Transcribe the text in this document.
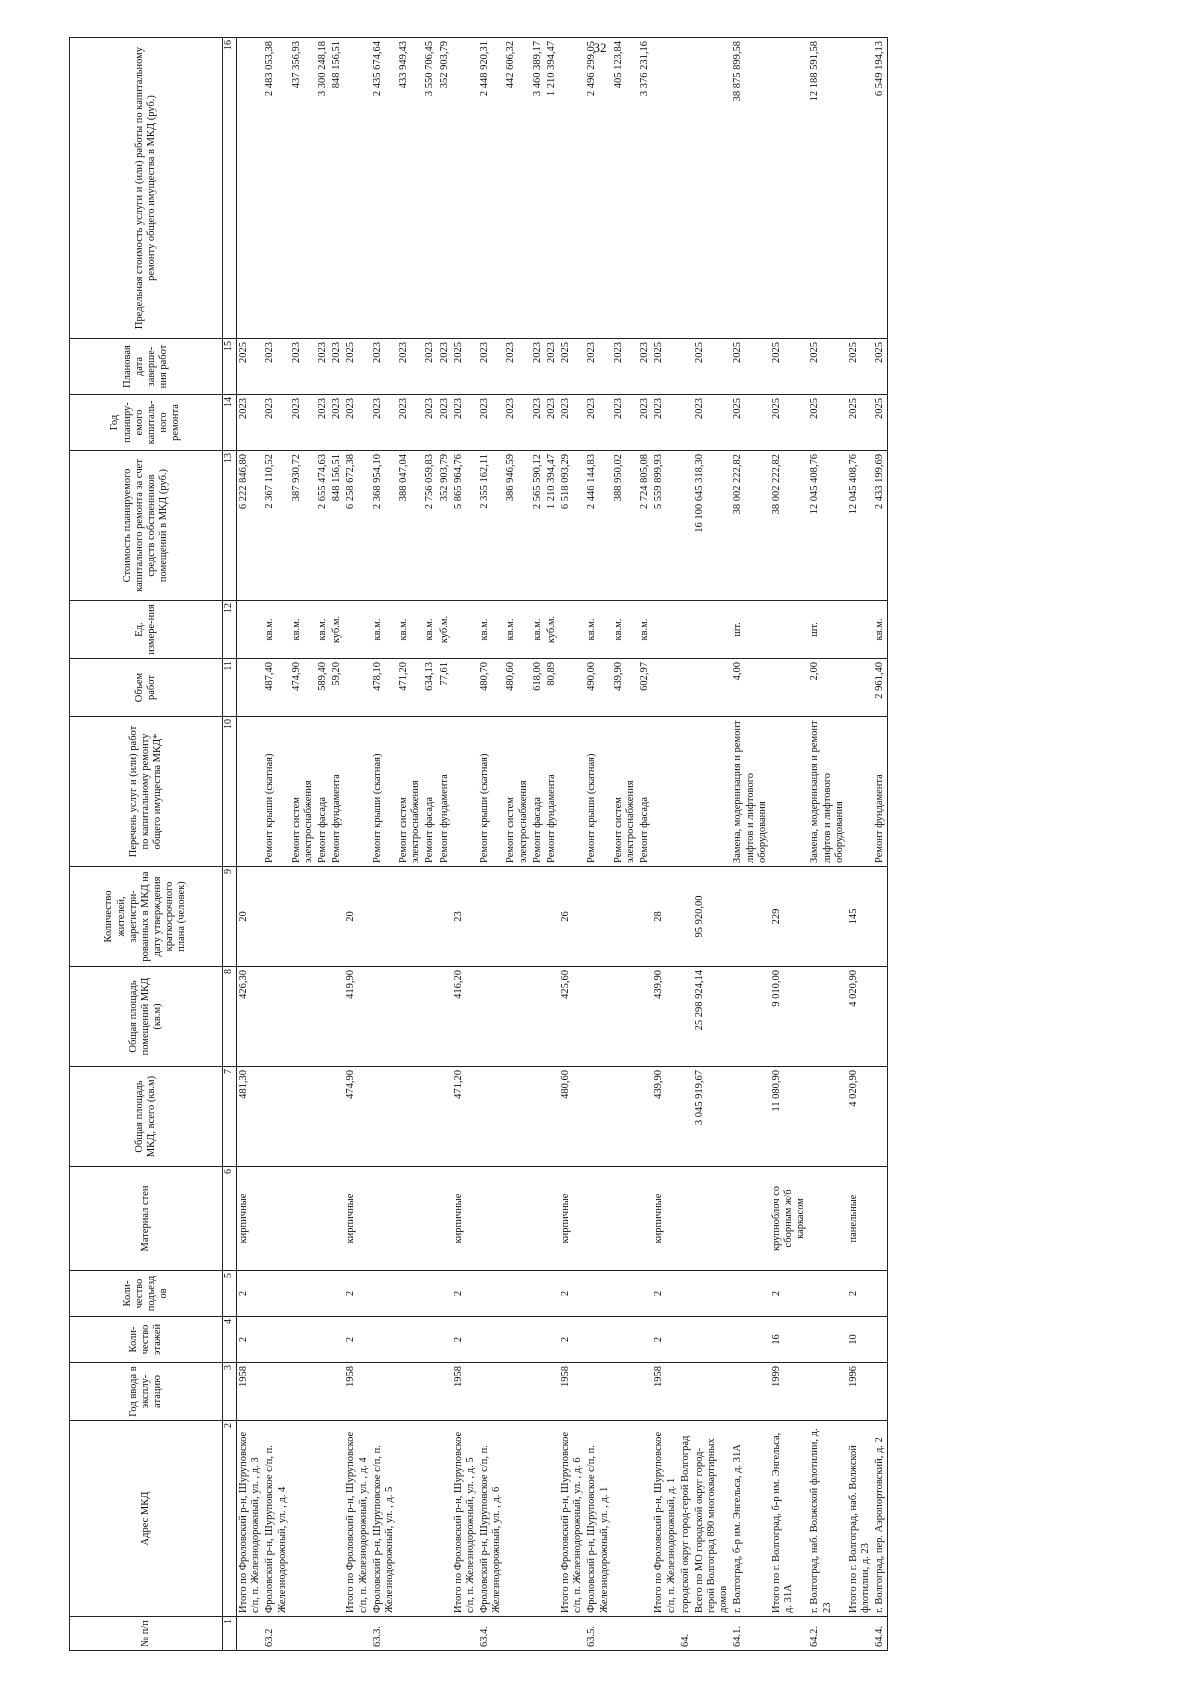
32
№ п/п	Адрес МКД	Год ввода в эксплу-атацию	Коли-чество этажей	Коли-чество подъездов	Материал стен	Общая площадь МКД, всего (кв.м)	Общая площадь помещений МКД (кв.м)	Количество жителей, зарегистри-рованных в МКД на дату утверждения краткосрочного плана (человек)	Перечень услуг и (или) работ по капитальному ремонту общего имущества МКД*	Объем работ	Ед. измере-ния	Стоимость планируемого капитального ремонта за счет средств собственников помещений в МКД (руб.)	Год планиру-емого капиталь-ного ремонта	Плановая дата заверше-ния работ	Предельная стоимость услуги и (или) работы по капитальному ремонту общего имущества в МКД (руб.)
1	2	3	4	5	6	7	8	9	10	11	12	13	14	15	16
	Итого по Фроловский р-н, Шуруповское с/п, п. Железнодорожный, ул. , д. 3	1958	2	2	кирпичные	481,30	426,30	20				6 222 846,80	2023	2025	
63.2	Фроловский р-н, Шуруповское с/п, п. Железнодорожный, ул. , д. 4								Ремонт крыши (скатная)	487,40	кв.м.	2 367 110,52	2023	2023	2 483 053,38
									Ремонт систем электроснабжения	474,90	кв.м.	387 930,72	2023	2023	437 356,93
									Ремонт фасада	589,40	кв.м.	2 655 474,63	2023	2023	3 300 248,18
									Ремонт фундамента	59,20	куб.м.	848 156,51	2023	2023	848 156,51
	Итого по Фроловский р-н, Шуруповское с/п, п. Железнодорожный, ул. , д. 4	1958	2	2	кирпичные	474,90	419,90	20				6 258 672,38	2023	2025	
63.3.	Фроловский р-н, Шуруповское с/п, п. Железнодорожный, ул. , д. 5								Ремонт крыши (скатная)	478,10	кв.м.	2 368 954,10	2023	2023	2 435 674,64
									Ремонт систем электроснабжения	471,20	кв.м.	388 047,04	2023	2023	433 949,43
									Ремонт фасада	634,13	кв.м.	2 756 059,83	2023	2023	3 550 706,45
									Ремонт фундамента	77,61	куб.м.	352 903,79	2023	2023	352 903,79
	Итого по Фроловский р-н, Шуруповское с/п, п. Железнодорожный, ул. , д. 5	1958	2	2	кирпичные	471,20	416,20	23				5 865 964,76	2023	2025	
63.4.	Фроловский р-н, Шуруповское с/п, п. Железнодорожный, ул. , д. 6								Ремонт крыши (скатная)	480,70	кв.м.	2 355 162,11	2023	2023	2 448 920,31
									Ремонт систем электроснабжения	480,60	кв.м.	386 946,59	2023	2023	442 606,32
									Ремонт фасада	618,00	кв.м.	2 565 590,12	2023	2023	3 460 389,17
									Ремонт фундамента	80,89	куб.м.	1 210 394,47	2023	2023	1 210 394,47
	Итого по Фроловский р-н, Шуруповское с/п, п. Железнодорожный, ул. , д. 6	1958	2	2	кирпичные	480,60	425,60	26				6 518 093,29	2023	2025	
63.5.	Фроловский р-н, Шуруповское с/п, п. Железнодорожный, ул. , д. 1								Ремонт крыши (скатная)	490,00	кв.м.	2 446 144,83	2023	2023	2 496 299,05
									Ремонт систем электроснабжения	439,90	кв.м.	388 950,02	2023	2023	405 123,84
									Ремонт фасада	602,97	кв.м.	2 724 805,08	2023	2023	3 376 231,16
	Итого по Фроловский р-н, Шуруповское с/п, п. Железнодорожный, д. 1	1958	2	2	кирпичные	439,90	439,90	28				5 559 899,93	2023	2025	
64.	городской округ город-герой Волгоград														
	Всего по МО городской округ город-герой Волгоград 890 многоквартирных домов					3 045 919,67	25 298 924,14	95 920,00				16 100 645 318,30	2023	2025	
64.1.	г. Волгоград, б-р им. Энгельса, д. 31А								Замена, модернизация и ремонт лифтов и лифтового оборудования	4,00	шт.	38 002 222,82	2025	2025	38 875 899,58
	Итого по г. Волгоград, б-р им. Энгельса, д. 31А	1999	16	2	крупноблоч со сборным ж/б каркасом	11 080,90	9 010,00	229				38 002 222,82	2025	2025	
64.2.	г. Волгоград, наб. Волжской флотилии, д. 23								Замена, модернизация и ремонт лифтов и лифтового оборудования	2,00	шт.	12 045 408,76	2025	2025	12 188 591,58
	Итого по г. Волгоград, наб. Волжской флотилии, д. 23	1996	10	2	панельные	4 020,90	4 020,90	145				12 045 408,76	2025	2025	
64.4.	г. Волгоград, пер. Аэропортовский, д. 2								Ремонт фундамента	2 961,40	кв.м.	2 433 199,69	2025	2025	6 549 194,13
